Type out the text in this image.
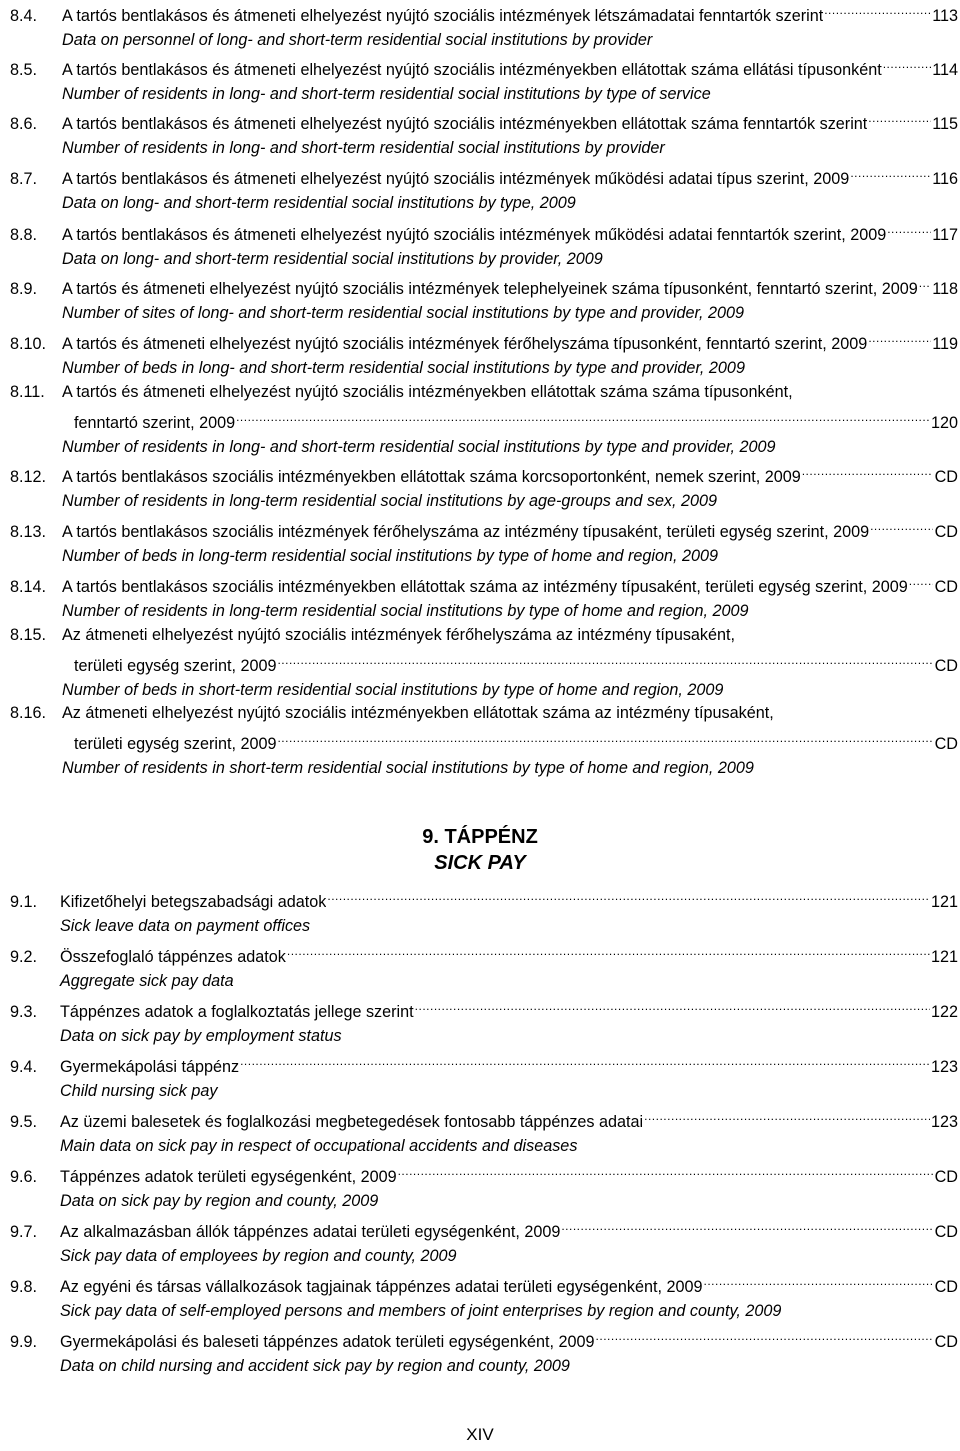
8.4.	A tartós bentlakásos és átmeneti elhelyezést nyújtó szociális intézmények létszámadatai fenntartók szerint .....	113
Data on personnel of long- and short-term residential social institutions by provider
8.5.	A tartós bentlakásos és átmeneti elhelyezést nyújtó szociális intézményekben ellátottak száma ellátási típusonként .....	114
Number of residents in long- and short-term residential social institutions by type of service
8.6.	A tartós bentlakásos és átmeneti elhelyezést nyújtó szociális intézményekben ellátottak száma fenntartók szerint .....	115
Number of residents in long- and short-term residential social institutions by provider
8.7.	A tartós bentlakásos és átmeneti elhelyezést nyújtó szociális intézmények működési adatai típus szerint, 2009 .....	116
Data on long- and short-term residential social institutions by type, 2009
8.8.	A tartós bentlakásos és átmeneti elhelyezést nyújtó szociális intézmények működési adatai fenntartók szerint, 2009 .....	117
Data on long- and short-term residential social institutions by provider, 2009
8.9.	A tartós és átmeneti elhelyezést nyújtó szociális intézmények telephelyeinek száma típusonként, fenntartó szerint, 2009 ..... 118
Number of sites of long- and short-term residential social institutions by type and provider, 2009
8.10. A tartós és átmeneti elhelyezést nyújtó szociális intézmények férőhelyszáma típusonként, fenntartó szerint, 2009 .....	119
Number of beds in long- and short-term residential social institutions by type and provider, 2009
8.11.	A tartós és átmeneti elhelyezést nyújtó szociális intézményekben ellátottak száma száma típusonként,
fenntartó szerint, 2009 .....	120
Number of residents in long- and short-term residential social institutions by type and provider, 2009
8.12. A tartós bentlakásos szociális intézményekben ellátottak száma korcsoportonként, nemek szerint, 2009 .....	CD
Number of residents in long-term residential social institutions by age-groups and sex, 2009
8.13. A tartós bentlakásos szociális intézmények férőhelyszáma az intézmény típusaként, területi egység szerint, 2009 .....	CD
Number of beds in long-term residential social institutions by type of home and region, 2009
8.14. A tartós bentlakásos szociális intézményekben ellátottak száma az intézmény típusaként, területi egység szerint, 2009 ..... CD
Number of residents in long-term residential social institutions by type of home and region, 2009
8.15. Az átmeneti elhelyezést nyújtó szociális intézmények férőhelyszáma az intézmény típusaként,
területi egység szerint, 2009 .....	CD
Number of beds in short-term residential social institutions by type of home and region, 2009
8.16. Az átmeneti elhelyezést nyújtó szociális intézményekben ellátottak száma az intézmény típusaként,
területi egység szerint, 2009 .....	CD
Number of residents in short-term residential social institutions by type of home and region, 2009
9. TÁPPÉNZ
SICK PAY
9.1.	Kifizetőhelyi betegszabadsági adatok .....	121
Sick leave data on payment offices
9.2.	Összefoglaló táppénzes adatok .....	121
Aggregate sick pay data
9.3.	Táppénzes adatok a foglalkoztatás jellege szerint .....	122
Data on sick pay by employment status
9.4.	Gyermekápolási táppénz .....	123
Child nursing sick pay
9.5.	Az üzemi balesetek és foglalkozási megbetegedések fontosabb táppénzes adatai .....	123
Main data on sick pay in respect of occupational accidents and diseases
9.6.	Táppénzes adatok területi egységenként, 2009 .....	CD
Data on sick pay by region and county, 2009
9.7.	Az alkalmazásban állók táppénzes adatai területi egységenként, 2009 .....	CD
Sick pay data of employees by region and county, 2009
9.8.	Az egyéni és társas vállalkozások tagjainak táppénzes adatai területi egységenként, 2009 .....	CD
Sick pay data of self-employed persons and members of joint enterprises by region and county, 2009
9.9.	Gyermekápolási és baleseti táppénzes adatok területi egységenként, 2009 .....	CD
Data on child nursing and accident sick pay by region and county, 2009
XIV
